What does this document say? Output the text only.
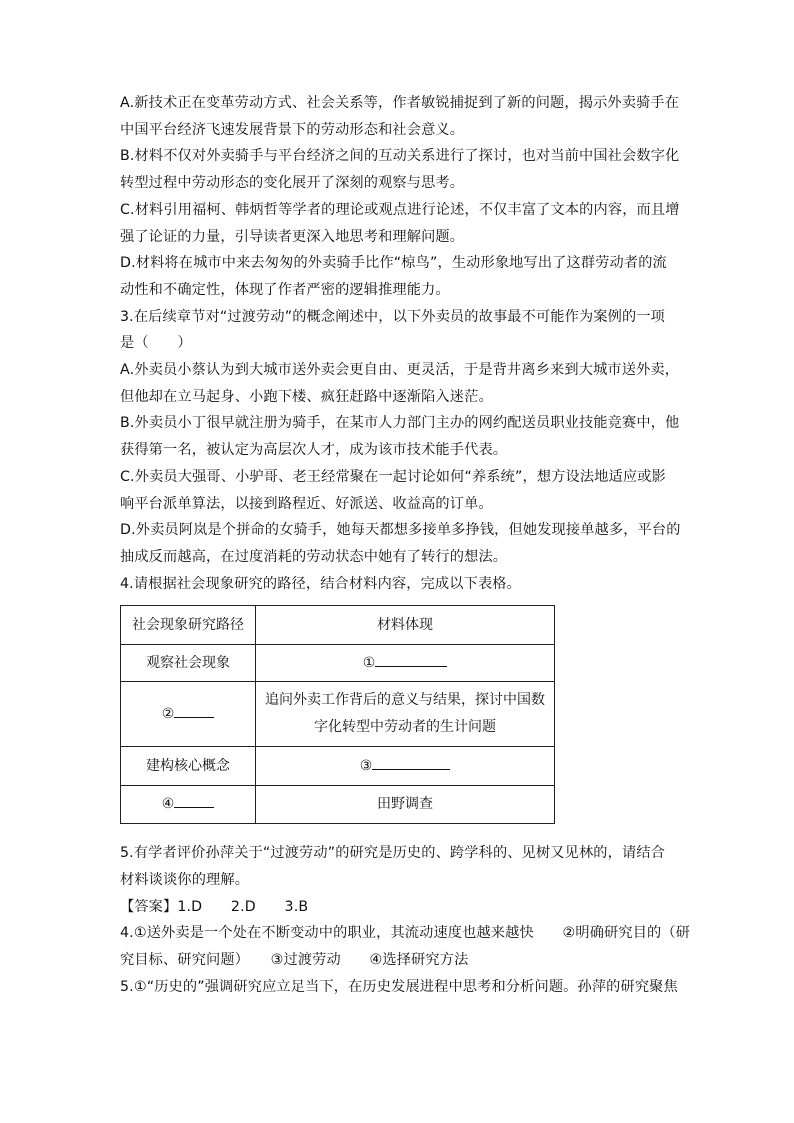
A.新技术正在变革劳动方式、社会关系等，作者敏锐捕捉到了新的问题，揭示外卖骑手在
中国平台经济飞速发展背景下的劳动形态和社会意义。
B.材料不仅对外卖骑手与平台经济之间的互动关系进行了探讨，也对当前中国社会数字化
转型过程中劳动形态的变化展开了深刻的观察与思考。
C.材料引用福柯、韩炳哲等学者的理论或观点进行论述，不仅丰富了文本的内容，而且增
强了论证的力量，引导读者更深入地思考和理解问题。
D.材料将在城市中来去匆匆的外卖骑手比作“椋鸟”，生动形象地写出了这群劳动者的流
动性和不确定性，体现了作者严密的逻辑推理能力。
3.在后续章节对“过渡劳动”的概念阐述中，以下外卖员的故事最不可能作为案例的一项
是（　　）
A.外卖员小蔡认为到大城市送外卖会更自由、更灵活，于是背井离乡来到大城市送外卖，
但他却在立马起身、小跑下楼、疯狂赶路中逐渐陷入迷茫。
B.外卖员小丁很早就注册为骑手，在某市人力部门主办的网约配送员职业技能竞赛中，他
获得第一名，被认定为高层次人才，成为该市技术能手代表。
C.外卖员大强哥、小驴哥、老王经常聚在一起讨论如何“养系统”，想方设法地适应或影
响平台派单算法，以接到路程近、好派送、收益高的订单。
D.外卖员阿岚是个拼命的女骑手，她每天都想多接单多挣钱，但她发现接单越多，平台的
抽成反而越高，在过度消耗的劳动状态中她有了转行的想法。
4.请根据社会现象研究的路径，结合材料内容，完成以下表格。
社会现象研究路径	材料体现
观察社会现象	①
②	追问外卖工作背后的意义与结果，探讨中国数
字化转型中劳动者的生计问题

建构核心概念	③
④	田野调查
5.有学者评价孙萍关于“过渡劳动”的研究是历史的、跨学科的、见树又见林的，请结合
材料谈谈你的理解。
【答案】1.D　　2.D　　3.B
4.①送外卖是一个处在不断变动中的职业，其流动速度也越来越快　　②明确研究目的（研
究目标、研究问题）　　③过渡劳动　　④选择研究方法
5.①“历史的”强调研究应立足当下，在历史发展进程中思考和分析问题。孙萍的研究聚焦
